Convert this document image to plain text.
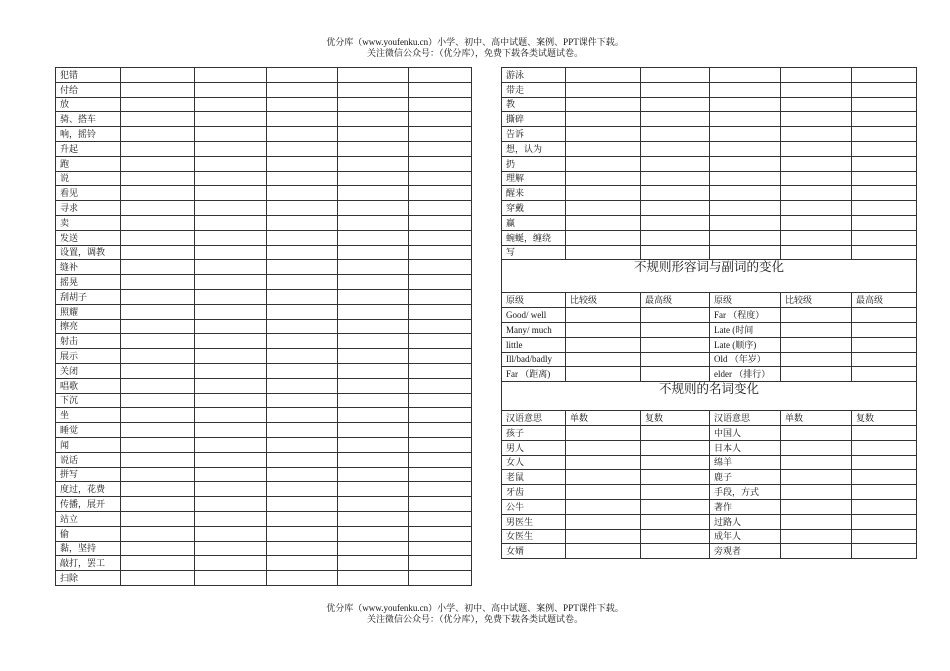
优分库（www.youfenku.cn）小学、初中、高中试题、案例、PPT课件下载。
关注微信公众号：（优分库），免费下载各类试题试卷。
犯错					
付给					
放					
骑、搭车					
响，摇铃					
升起					
跑					
说					
看见					
寻求					
卖					
发送					
设置，调教					
缝补					
摇晃					
刮胡子					
照耀					
擦亮					
射击					
展示					
关闭					
唱歌					
下沉					
坐					
睡觉					
闻					
说话					
拼写					
度过，花费					
传播，展开					
站立					
偷					
黏，坚持					
敲打，罢工					
扫除					
游泳					
带走					
教					
撕碎					
告诉					
想，认为					
扔					
理解					
醒来					
穿戴					
赢					
蜿蜒，缠绕					
写					
不规则形容词与副词的变化					
原级	比较级	最高级	原级	比较级	最高级
Good/ well			Far （程度）		
Many/ much			Late (时间		
little			Late (顺序)		
Ill/bad/badly			Old （年岁）		
Far （距离)			elder （排行）		
不规则的名词变化					
汉语意思	单数	复数	汉语意思	单数	复数
孩子			中国人		
男人			日本人		
女人			绵羊		
老鼠			鹿子		
牙齿			手段，方式		
公牛			著作		
男医生			过路人		
女医生			成年人		
女婿			旁观者		
优分库（www.youfenku.cn）小学、初中、高中试题、案例、PPT课件下载。
关注微信公众号：（优分库），免费下载各类试题试卷。
